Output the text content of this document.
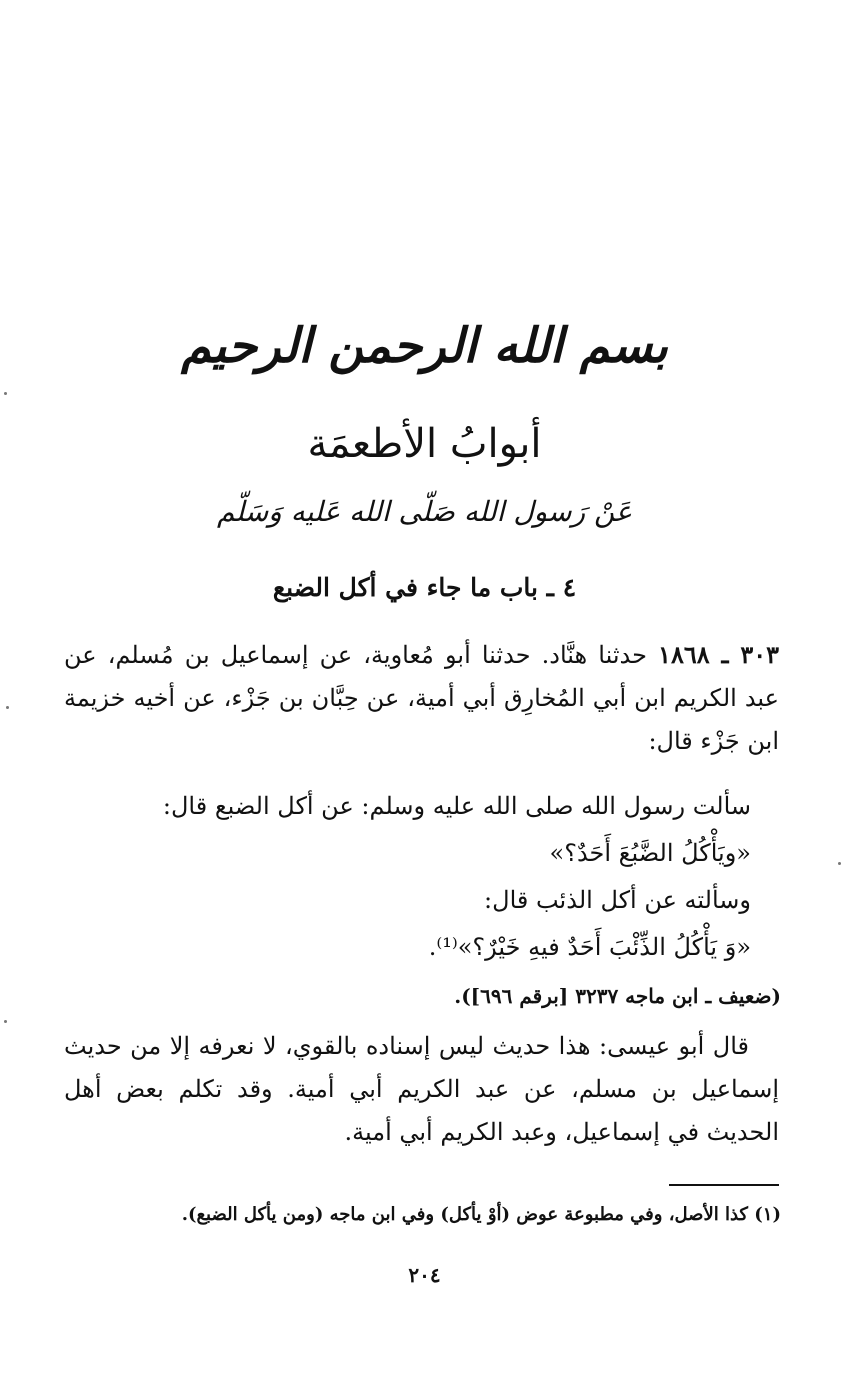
بسم الله الرحمن الرحيم
أبوابُ الأطعمَة
عَنْ رَسول الله صَلّى الله عَليه وَسَلّم
٤ ـ باب ما جاء في أكل الضبع
٣٠٣ ـ ١٨٦٨ حدثنا هنَّاد. حدثنا أبو مُعاوية، عن إسماعيل بن مُسلم، عن عبد الكريم ابن أبي المُخارِق أبي أمية، عن حِبَّان بن جَزْء، عن أخيه خزيمة ابن جَزْء قال:
سألت رسول الله صلى الله عليه وسلم: عن أكل الضبع قال:
«ويَأْكُلُ الضَّبُعَ أَحَدٌ؟»
وسألته عن أكل الذئب قال:
«وَ يَأْكُلُ الذِّئْبَ أَحَدٌ فيهِ خَيْرٌ؟»⁽¹⁾.
(ضعيف ـ ابن ماجه ٣٢٣٧ [برقم ٦٩٦]).
قال أبو عيسى: هذا حديث ليس إسناده بالقوي، لا نعرفه إلا من حديث إسماعيل بن مسلم، عن عبد الكريم أبي أمية. وقد تكلم بعض أهل الحديث في إسماعيل، وعبد الكريم أبي أمية.
(١) كذا الأصل، وفي مطبوعة عوض (أوْ يأكل) وفي ابن ماجه (ومن يأكل الضبع).
٢٠٤
